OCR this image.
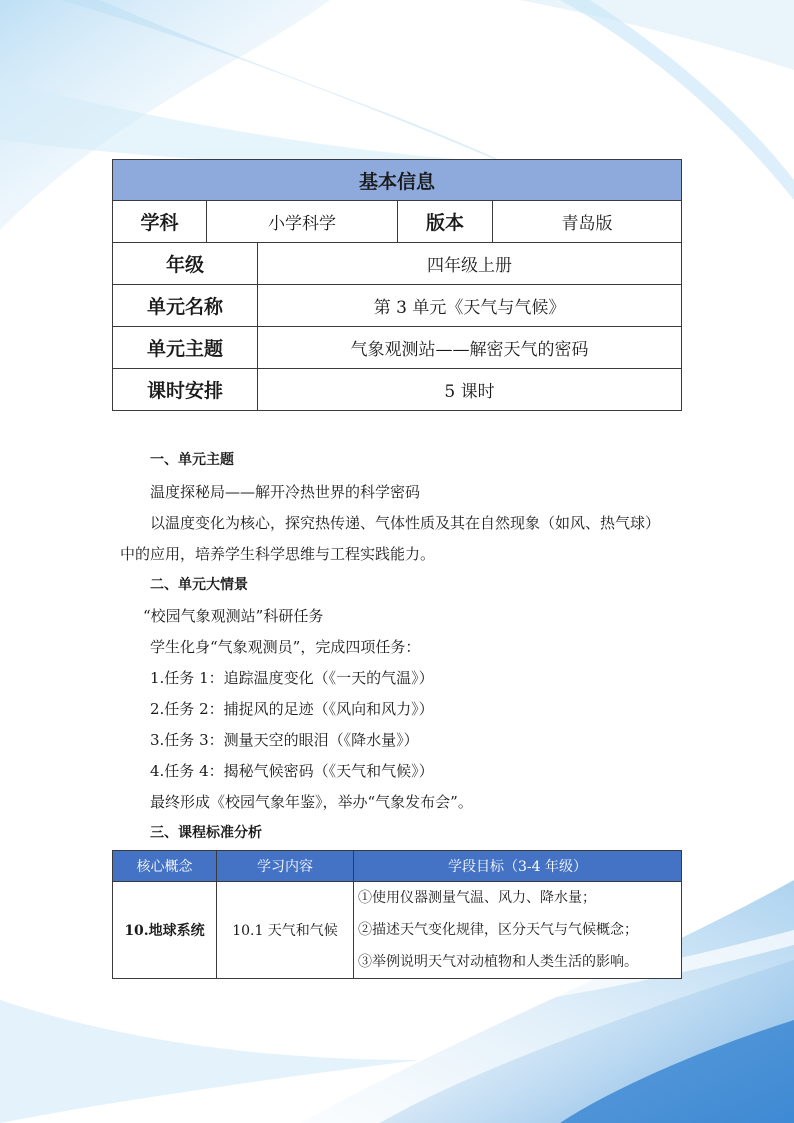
基本信息				
学科	小学科学		版本	青岛版
年级		四年级上册		
单元名称		第 3 单元《天气与气候》		
单元主题		气象观测站——解密天气的密码		
课时安排		5 课时		
一、单元主题
温度探秘局——解开冷热世界的科学密码
以温度变化为核心，探究热传递、气体性质及其在自然现象（如风、热气球）
中的应用，培养学生科学思维与工程实践能力。
二、单元大情景
“校园气象观测站”科研任务
学生化身“气象观测员”，完成四项任务：
1.任务 1：追踪温度变化（《一天的气温》）
2.任务 2：捕捉风的足迹（《风向和风力》）
3.任务 3：测量天空的眼泪（《降水量》）
4.任务 4：揭秘气候密码（《天气和气候》）
最终形成《校园气象年鉴》，举办“气象发布会”。
三、课程标准分析
核心概念	学习内容	学段目标（3-4 年级）
10.地球系统	10.1 天气和气候	①使用仪器测量气温、风力、降水量；
②描述天气变化规律，区分天气与气候概念；
③举例说明天气对动植物和人类生活的影响。
